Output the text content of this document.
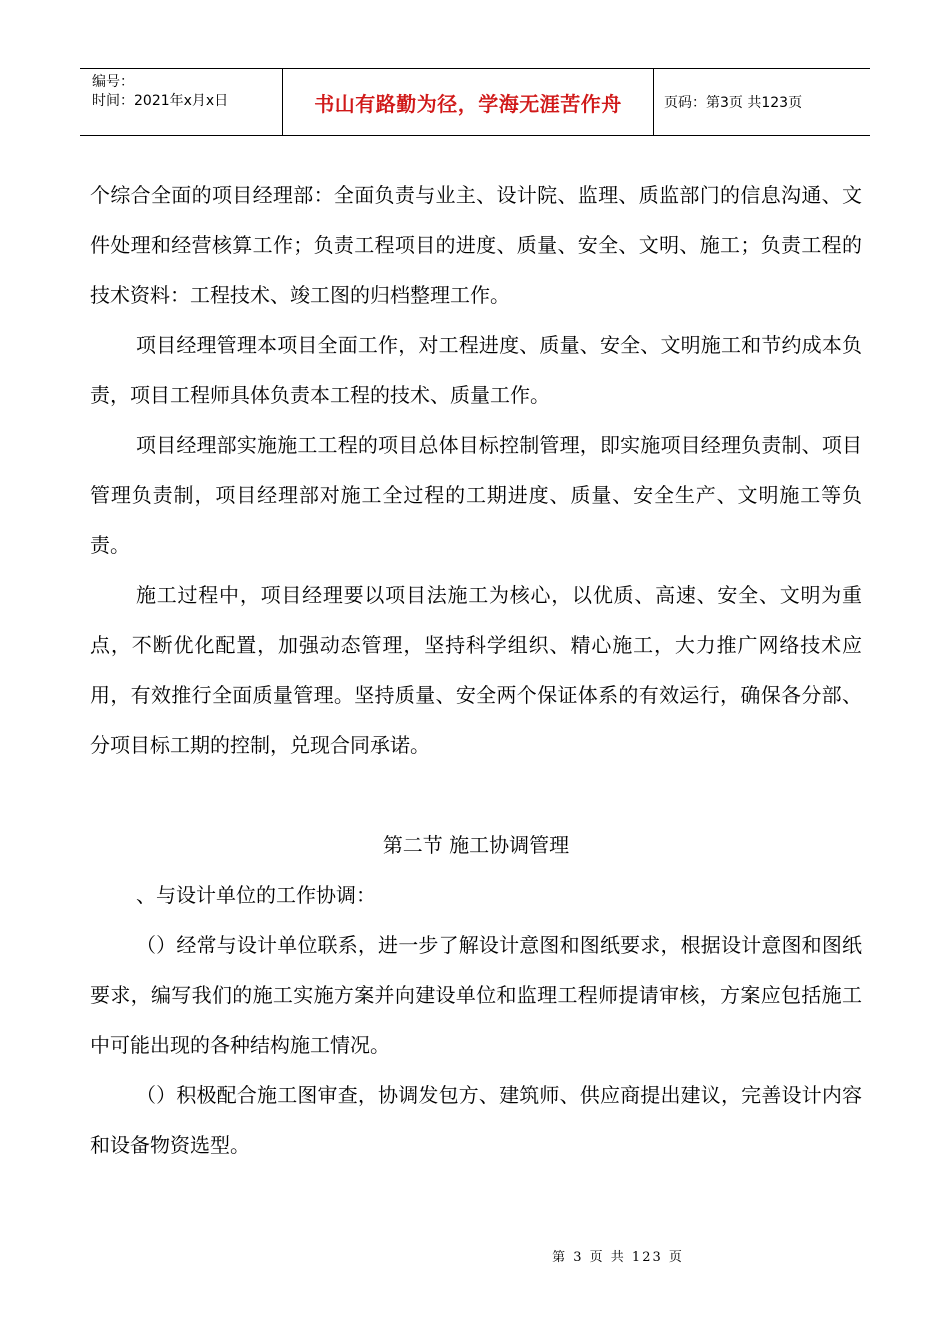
编号：
时间：2021年x月x日	书山有路勤为径，学海无涯苦作舟	页码：第3页 共123页

个综合全面的项目经理部：全面负责与业主、设计院、监理、质监部门的信息沟通、文件处理和经营核算工作；负责工程项目的进度、质量、安全、文明、施工；负责工程的技术资料：工程技术、竣工图的归档整理工作。

项目经理管理本项目全面工作，对工程进度、质量、安全、文明施工和节约成本负责，项目工程师具体负责本工程的技术、质量工作。

项目经理部实施施工工程的项目总体目标控制管理，即实施项目经理负责制、项目管理负责制，项目经理部对施工全过程的工期进度、质量、安全生产、文明施工等负责。

施工过程中，项目经理要以项目法施工为核心，以优质、高速、安全、文明为重点，不断优化配置，加强动态管理，坚持科学组织、精心施工，大力推广网络技术应用，有效推行全面质量管理。坚持质量、安全两个保证体系的有效运行，确保各分部、分项目标工期的控制，兑现合同承诺。

第二节 施工协调管理

、与设计单位的工作协调：

（）经常与设计单位联系，进一步了解设计意图和图纸要求，根据设计意图和图纸要求，编写我们的施工实施方案并向建设单位和监理工程师提请审核，方案应包括施工中可能出现的各种结构施工情况。

（）积极配合施工图审查，协调发包方、建筑师、供应商提出建议，完善设计内容和设备物资选型。

第 3 页 共 123 页
